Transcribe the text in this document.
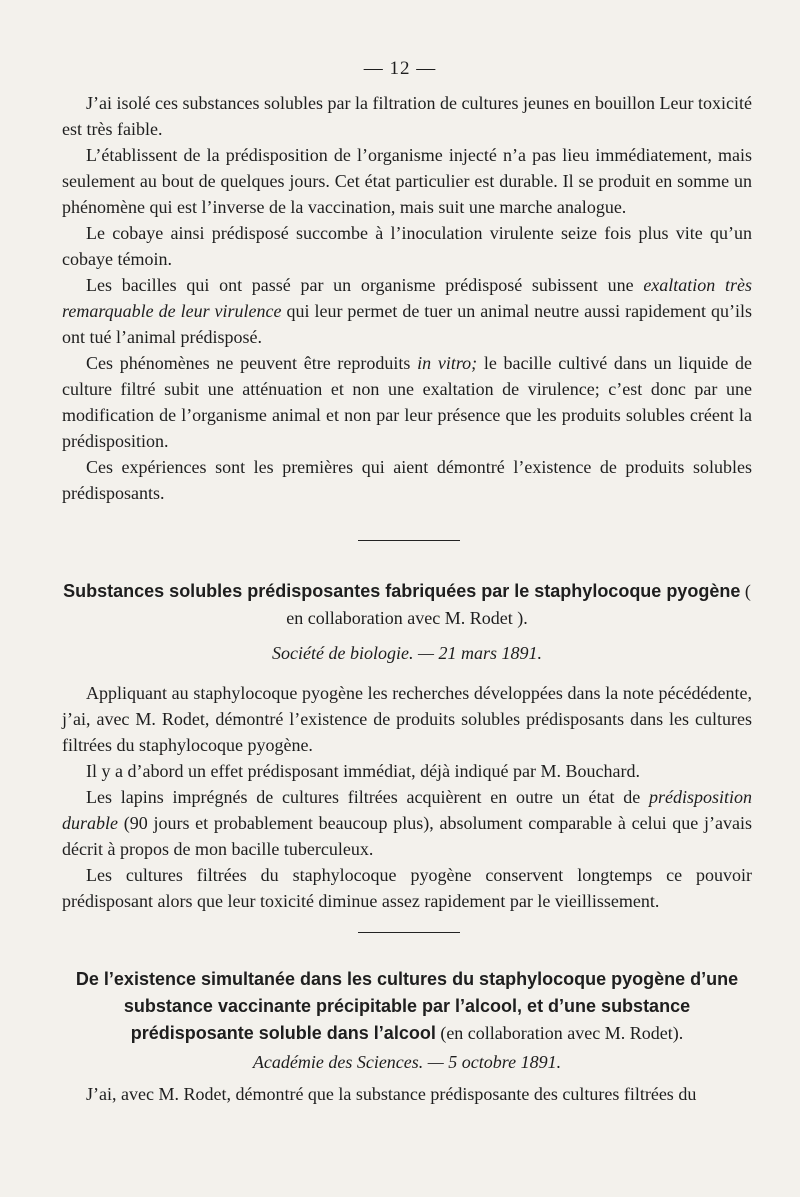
— 12 —

J’ai isolé ces substances solubles par la filtration de cultures jeunes en bouillon Leur toxicité est très faible.

L’établissent de la prédisposition de l’organisme injecté n’a pas lieu immédiatement, mais seulement au bout de quelques jours. Cet état particulier est durable. Il se produit en somme un phénomène qui est l’inverse de la vaccination, mais suit une marche analogue.

Le cobaye ainsi prédisposé succombe à l’inoculation virulente seize fois plus vite qu’un cobaye témoin.

Les bacilles qui ont passé par un organisme prédisposé subissent une exaltation très remarquable de leur virulence qui leur permet de tuer un animal neutre aussi rapidement qu’ils ont tué l’animal prédisposé.

Ces phénomènes ne peuvent être reproduits in vitro; le bacille cultivé dans un liquide de culture filtré subit une atténuation et non une exaltation de virulence; c’est donc par une modification de l’organisme animal et non par leur présence que les produits solubles créent la prédisposition.

Ces expériences sont les premières qui aient démontré l’existence de produits solubles prédisposants.

Substances solubles prédisposantes fabriquées par le staphylocoque pyogène ( en collaboration avec M. Rodet ).

Société de biologie. — 21 mars 1891.

Appliquant au staphylocoque pyogène les recherches développées dans la note pécédédente, j’ai, avec M. Rodet, démontré l’existence de produits solubles prédisposants dans les cultures filtrées du staphylocoque pyogène.

Il y a d’abord un effet prédisposant immédiat, déjà indiqué par M. Bouchard.

Les lapins imprégnés de cultures filtrées acquièrent en outre un état de prédisposition durable (90 jours et probablement beaucoup plus), absolument comparable à celui que j’avais décrit à propos de mon bacille tuberculeux.

Les cultures filtrées du staphylocoque pyogène conservent longtemps ce pouvoir prédisposant alors que leur toxicité diminue assez rapidement par le vieillissement.

De l’existence simultanée dans les cultures du staphylocoque pyogène d’une substance vaccinante précipitable par l’alcool, et d’une substance prédisposante soluble dans l’alcool (en collaboration avec M. Rodet).

Académie des Sciences. — 5 octobre 1891.

J’ai, avec M. Rodet, démontré que la substance prédisposante des cultures filtrées du
